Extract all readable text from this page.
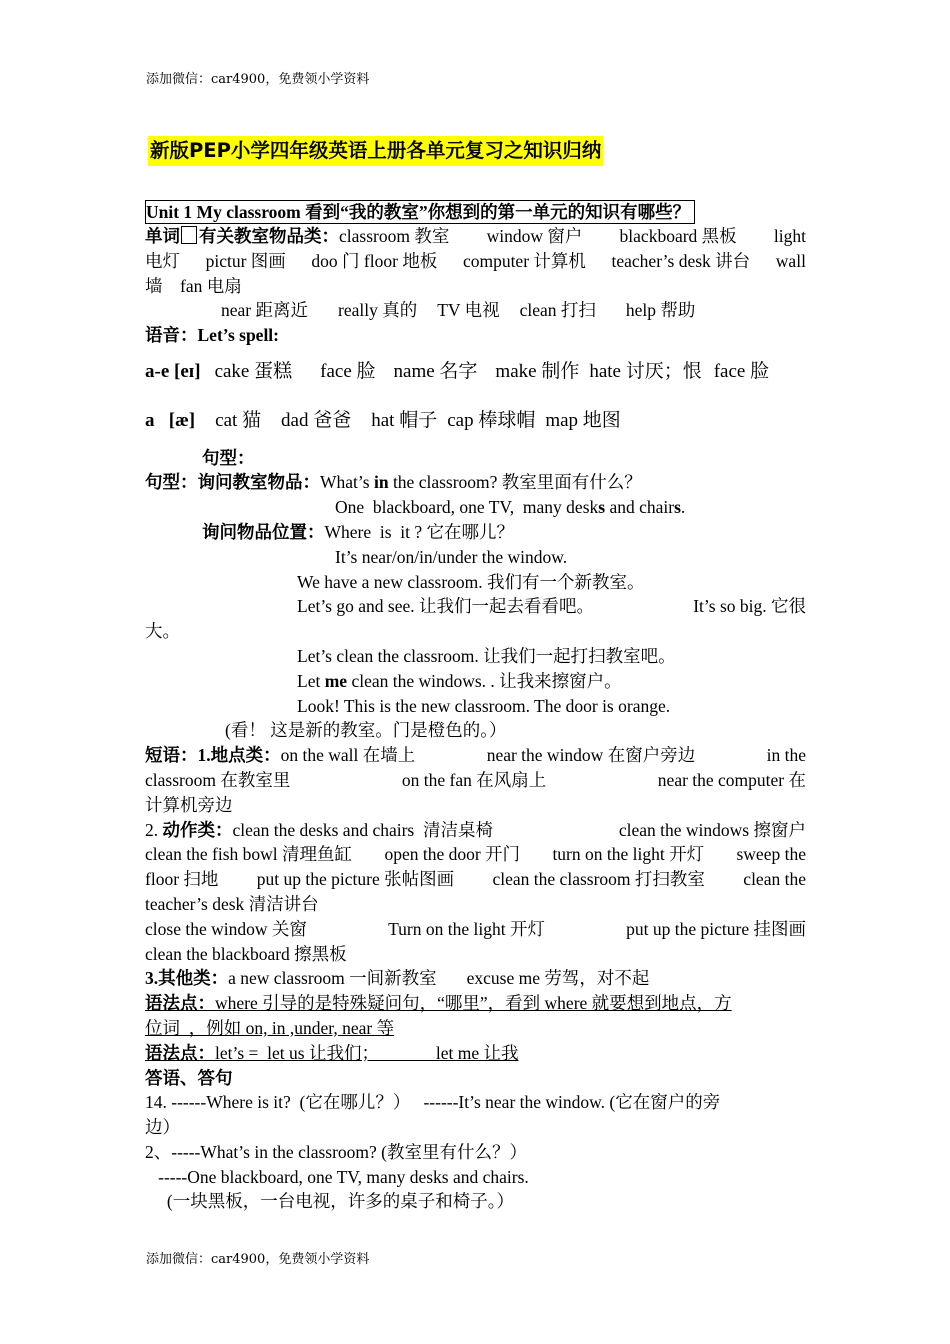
添加微信：car4900，免费领小学资料
新版PEP小学四年级英语上册各单元复习之知识归纳
Unit 1 My classroom 看到“我的教室”你想到的第一单元的知识有哪些？
单词 有关教室物品类：classroom 教室 window 窗户 blackboard 黑板 light
电灯 pictur 图画 doo 门 floor 地板 computer 计算机 teacher’s desk 讲台 wall
墙    fan 电扇
near 距离近 really 真的 TV 电视 clean 打扫 help 帮助
语音：Let’s spell:
a-e [eɪ] cake 蛋糕 face 脸 name 名字 make 制作 hate 讨厌；恨 face 脸
a   [æ] cat 猫 dad 爸爸 hat 帽子 cap 棒球帽 map 地图
句型：
句型： 询问教室物品： What’s in the classroom? 教室里面有什么？
One  blackboard, one TV,  many desk s and chair s .
询问物品位置： Where  is  it ? 它在哪儿？
It’s near/on/in/under the window.
We have a new classroom. 我们有一个新教室。
Let’s go and see. 让我们一起去看看吧。	It’s so big. 它很
大。
Let’s clean the classroom. 让我们一起打扫教室吧。
Let me clean the windows. . 让我来擦窗户。
Look! This is the new classroom. The door is orange.
(看！ 这是新的教室。门是橙色的。）
短语：1.地点类：on the wall 在墙上	near the window 在窗户旁边	in the
classroom 在教室里	on the fan 在风扇上	near the computer 在
计算机旁边
2. 动作类：clean the desks and chairs  清洁桌椅	clean the windows 擦窗户
clean the fish bowl 清理鱼缸 open the door 开门 turn on the light 开灯 sweep the
floor 扫地 put up the picture 张帖图画 clean the classroom 打扫教室 clean the
teacher’s desk 清洁讲台
close the window 关窗	Turn on the light 开灯	put up the picture 挂图画
clean the blackboard 擦黑板
3.其他类： a new classroom 一间新教室 excuse me 劳驾，对不起
语法点：where 引导的是特殊疑问句，“哪里”，看到 where 就要想到地点，方
位词  ，例如 on, in ,under, near 等
语法点：let’s =  let us 让我们；             let me 让我
答语、答句
14. ------Where is it?  (它在哪儿？）   ------It’s near the window. (它在窗户的旁
边）
2、-----What’s in the classroom? (教室里有什么？）
-----One blackboard, one TV, many desks and chairs.
(一块黑板，一台电视，许多的桌子和椅子。）
添加微信：car4900，免费领小学资料
